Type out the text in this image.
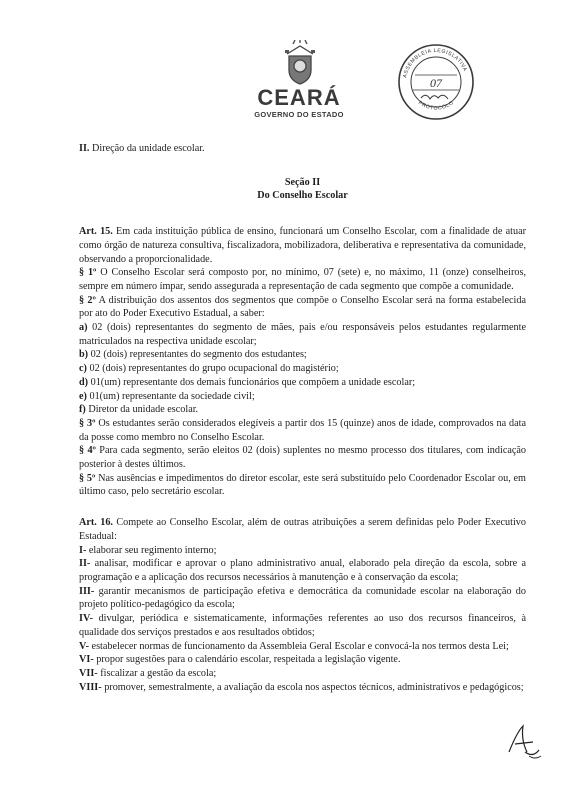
CEARÁ
GOVERNO DO ESTADO
07
ASSEMBLEIA LEGISLATIVA
PROTOCOLO

II. Direção da unidade escolar.

Seção II

Do Conselho Escolar

Art. 15. Em cada instituição pública de ensino, funcionará um Conselho Escolar, com a finalidade de atuar como órgão de natureza consultiva, fiscalizadora, mobilizadora, deliberativa e representativa da comunidade, observando a proporcionalidade.

§ 1º O Conselho Escolar será composto por, no mínimo, 07 (sete) e, no máximo, 11 (onze) conselheiros, sempre em número ímpar, sendo assegurada a representação de cada segmento que compõe a comunidade.

§ 2º A distribuição dos assentos dos segmentos que compõe o Conselho Escolar será na forma estabelecida por ato do Poder Executivo Estadual, a saber:

a) 02 (dois) representantes do segmento de mães, pais e/ou responsáveis pelos estudantes regularmente matriculados na respectiva unidade escolar;

b) 02 (dois) representantes do segmento dos estudantes;

c) 02 (dois) representantes do grupo ocupacional do magistério;

d) 01(um) representante dos demais funcionários que compõem a unidade escolar;

e) 01(um) representante da sociedade civil;

f) Diretor da unidade escolar.

§ 3º Os estudantes serão considerados elegíveis a partir dos 15 (quinze) anos de idade, comprovados na data da posse como membro no Conselho Escolar.

§ 4º Para cada segmento, serão eleitos 02 (dois) suplentes no mesmo processo dos titulares, com indicação posterior à destes últimos.

§ 5º Nas ausências e impedimentos do diretor escolar, este será substituído pelo Coordenador Escolar ou, em último caso, pelo secretário escolar.

Art. 16. Compete ao Conselho Escolar, além de outras atribuições a serem definidas pelo Poder Executivo Estadual:

I- elaborar seu regimento interno;

II- analisar, modificar e aprovar o plano administrativo anual, elaborado pela direção da escola, sobre a programação e a aplicação dos recursos necessários à manutenção e à conservação da escola;

III- garantir mecanismos de participação efetiva e democrática da comunidade escolar na elaboração do projeto político-pedagógico da escola;

IV- divulgar, periódica e sistematicamente, informações referentes ao uso dos recursos financeiros, à qualidade dos serviços prestados e aos resultados obtidos;

V- estabelecer normas de funcionamento da Assembleia Geral Escolar e convocá-la nos termos desta Lei;

VI- propor sugestões para o calendário escolar, respeitada a legislação vigente.

VII- fiscalizar a gestão da escola;

VIII- promover, semestralmente, a avaliação da escola nos aspectos técnicos, administrativos e pedagógicos;
